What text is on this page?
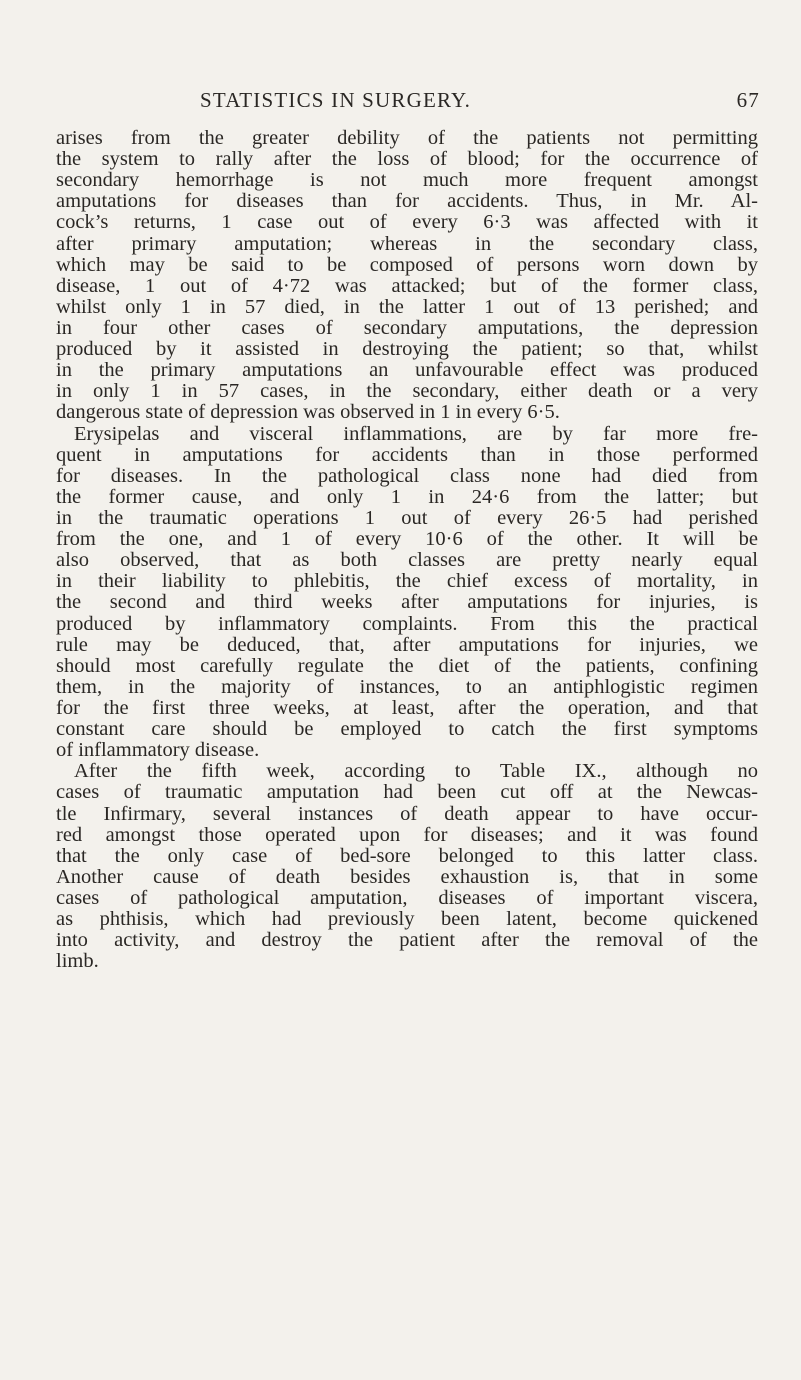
STATISTICS IN SURGERY.	67
arises from the greater debility of the patients not permitting
the system to rally after the loss of blood; for the occurrence of
secondary hemorrhage is not much more frequent amongst
amputations for diseases than for accidents. Thus, in Mr. Al-
cock’s returns, 1 case out of every 6·3 was affected with it
after primary amputation; whereas in the secondary class,
which may be said to be composed of persons worn down by
disease, 1 out of 4·72 was attacked; but of the former class,
whilst only 1 in 57 died, in the latter 1 out of 13 perished; and
in four other cases of secondary amputations, the depression
produced by it assisted in destroying the patient; so that, whilst
in the primary amputations an unfavourable effect was produced
in only 1 in 57 cases, in the secondary, either death or a very
dangerous state of depression was observed in 1 in every 6·5.
Erysipelas and visceral inflammations, are by far more fre-
quent in amputations for accidents than in those performed
for diseases. In the pathological class none had died from
the former cause, and only 1 in 24·6 from the latter; but
in the traumatic operations 1 out of every 26·5 had perished
from the one, and 1 of every 10·6 of the other. It will be
also observed, that as both classes are pretty nearly equal
in their liability to phlebitis, the chief excess of mortality, in
the second and third weeks after amputations for injuries, is
produced by inflammatory complaints. From this the practical
rule may be deduced, that, after amputations for injuries, we
should most carefully regulate the diet of the patients, confining
them, in the majority of instances, to an antiphlogistic regimen
for the first three weeks, at least, after the operation, and that
constant care should be employed to catch the first symptoms
of inflammatory disease.
After the fifth week, according to Table IX., although no
cases of traumatic amputation had been cut off at the Newcas-
tle Infirmary, several instances of death appear to have occur-
red amongst those operated upon for diseases; and it was found
that the only case of bed-sore belonged to this latter class.
Another cause of death besides exhaustion is, that in some
cases of pathological amputation, diseases of important viscera,
as phthisis, which had previously been latent, become quickened
into activity, and destroy the patient after the removal of the
limb.
